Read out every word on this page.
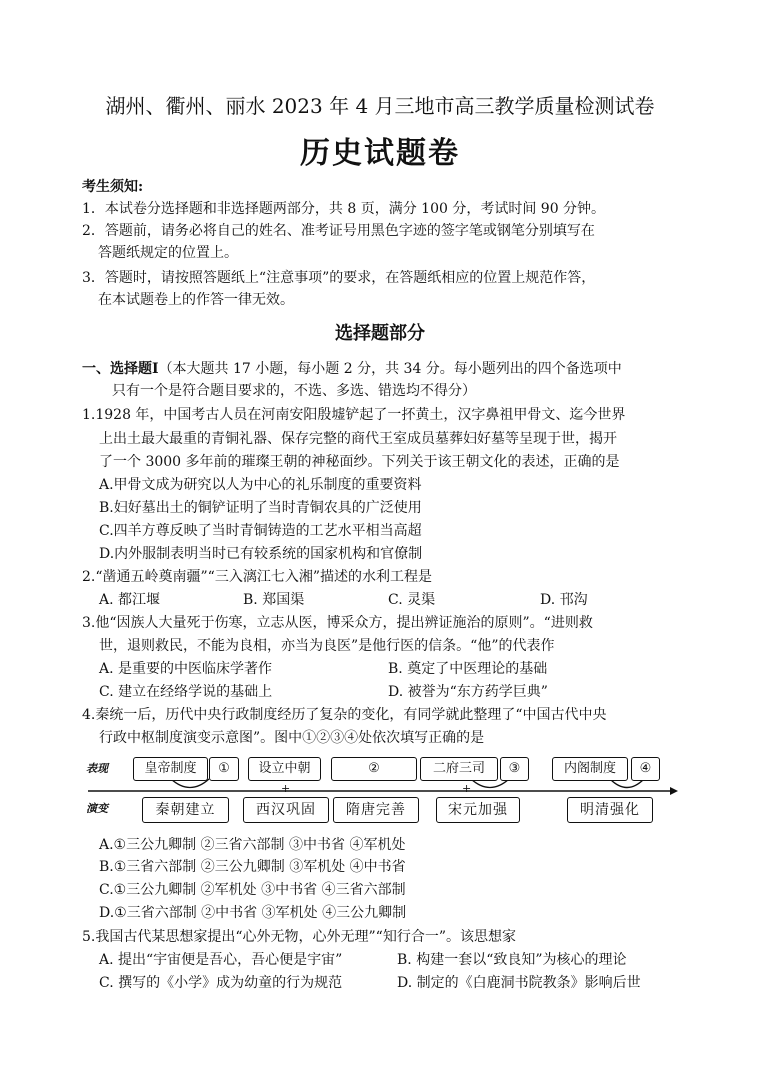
湖州、衢州、丽水 2023 年 4 月三地市高三教学质量检测试卷
历史试题卷
考生须知:
1．本试卷分选择题和非选择题两部分，共 8 页，满分 100 分，考试时间 90 分钟。
2．答题前，请务必将自己的姓名、准考证号用黑色字迹的签字笔或钢笔分别填写在
答题纸规定的位置上。
3．答题时，请按照答题纸上“注意事项”的要求，在答题纸相应的位置上规范作答，
在本试题卷上的作答一律无效。
选择题部分
一、选择题Ⅰ（本大题共 17 小题，每小题 2 分，共 34 分。每小题列出的四个备选项中
只有一个是符合题目要求的，不选、多选、错选均不得分）
1.1928 年，中国考古人员在河南安阳殷墟铲起了一抔黄土，汉字鼻祖甲骨文、迄今世界
上出土最大最重的青铜礼器、保存完整的商代王室成员墓葬妇好墓等呈现于世，揭开
了一个 3000 多年前的璀璨王朝的神秘面纱。下列关于该王朝文化的表述，正确的是
A.甲骨文成为研究以人为中心的礼乐制度的重要资料
B.妇好墓出土的铜铲证明了当时青铜农具的广泛使用
C.四羊方尊反映了当时青铜铸造的工艺水平相当高超
D.内外服制表明当时已有较系统的国家机构和官僚制
2.“凿通五岭奠南疆”“三入漓江七入湘”描述的水利工程是
A. 都江堰	B. 郑国渠	C. 灵渠	D. 邗沟
3.他“因族人大量死于伤寒，立志从医，博采众方，提出辨证施治的原则”。“进则救
世，退则救民，不能为良相，亦当为良医”是他行医的信条。“他”的代表作
A. 是重要的中医临床学著作	B. 奠定了中医理论的基础
C. 建立在经络学说的基础上	D. 被誉为“东方药学巨典”
4.秦统一后，历代中央行政制度经历了复杂的变化，有同学就此整理了“中国古代中央
行政中枢制度演变示意图”。图中①②③④处依次填写正确的是
表现
演变
皇帝制度	①	设立中朝	②	二府三司	③	内阁制度	④
+	+
秦朝建立	西汉巩固	隋唐完善	宋元加强	明清强化
A.①三公九卿制 ②三省六部制 ③中书省 ④军机处
B.①三省六部制 ②三公九卿制 ③军机处 ④中书省
C.①三公九卿制 ②军机处 ③中书省 ④三省六部制
D.①三省六部制 ②中书省 ③军机处 ④三公九卿制
5.我国古代某思想家提出“心外无物，心外无理”“知行合一”。该思想家
A. 提出“宇宙便是吾心，吾心便是宇宙”	B. 构建一套以“致良知”为核心的理论
C. 撰写的《小学》成为幼童的行为规范	D. 制定的《白鹿洞书院教条》影响后世
